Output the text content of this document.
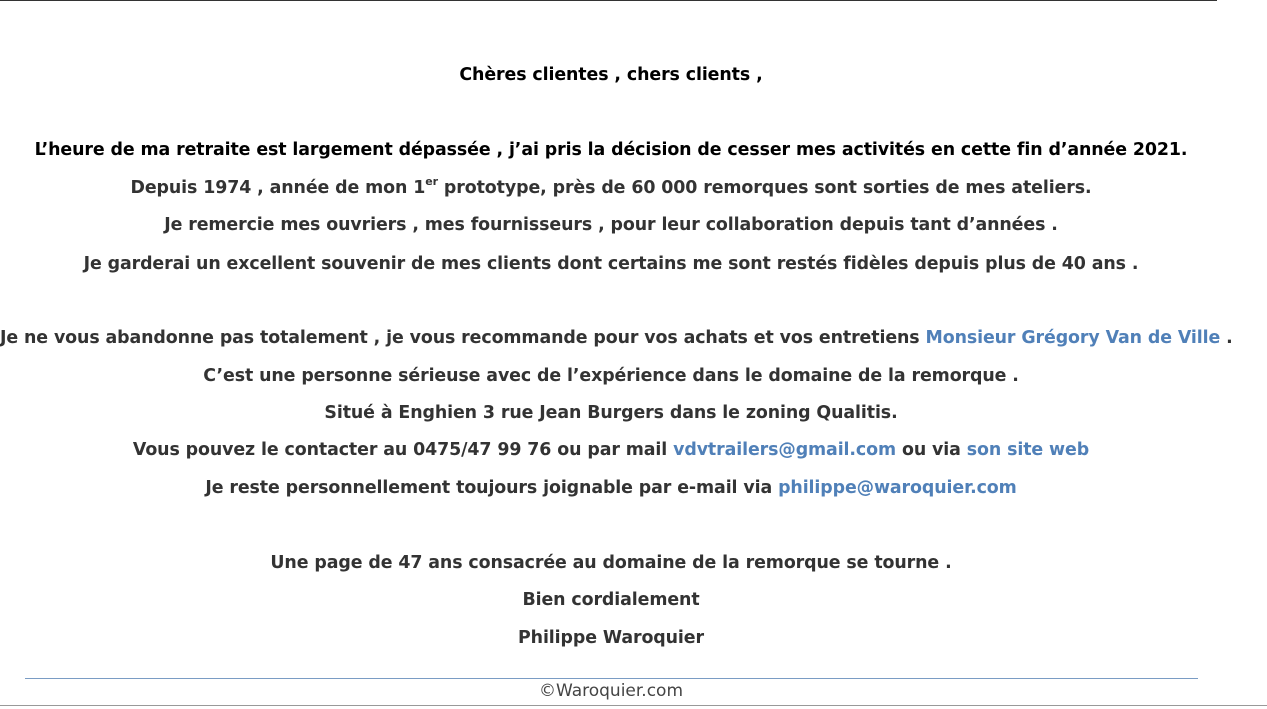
Chères clientes , chers clients ,
L’heure de ma retraite est largement dépassée , j’ai pris la décision de cesser mes activités en cette fin d’année 2021.
Depuis 1974 , année de mon 1er prototype, près de 60 000 remorques sont sorties de mes ateliers.
Je remercie mes ouvriers , mes fournisseurs , pour leur collaboration depuis tant d’années .
Je garderai un excellent souvenir de mes clients dont certains me sont restés fidèles depuis plus de 40 ans .
Je ne vous abandonne pas totalement , je vous recommande pour vos achats et vos entretiens Monsieur Grégory Van de Ville .
C’est une personne sérieuse avec de l’expérience dans le domaine de la remorque .
Situé à Enghien 3 rue Jean Burgers dans le zoning Qualitis.
Vous pouvez le contacter au 0475/47 99 76 ou par mail vdvtrailers@gmail.com ou via son site web
Je reste personnellement toujours joignable par e-mail via philippe@waroquier.com
Une page de 47 ans consacrée au domaine de la remorque se tourne .
Bien cordialement
Philippe Waroquier
©Waroquier.com
